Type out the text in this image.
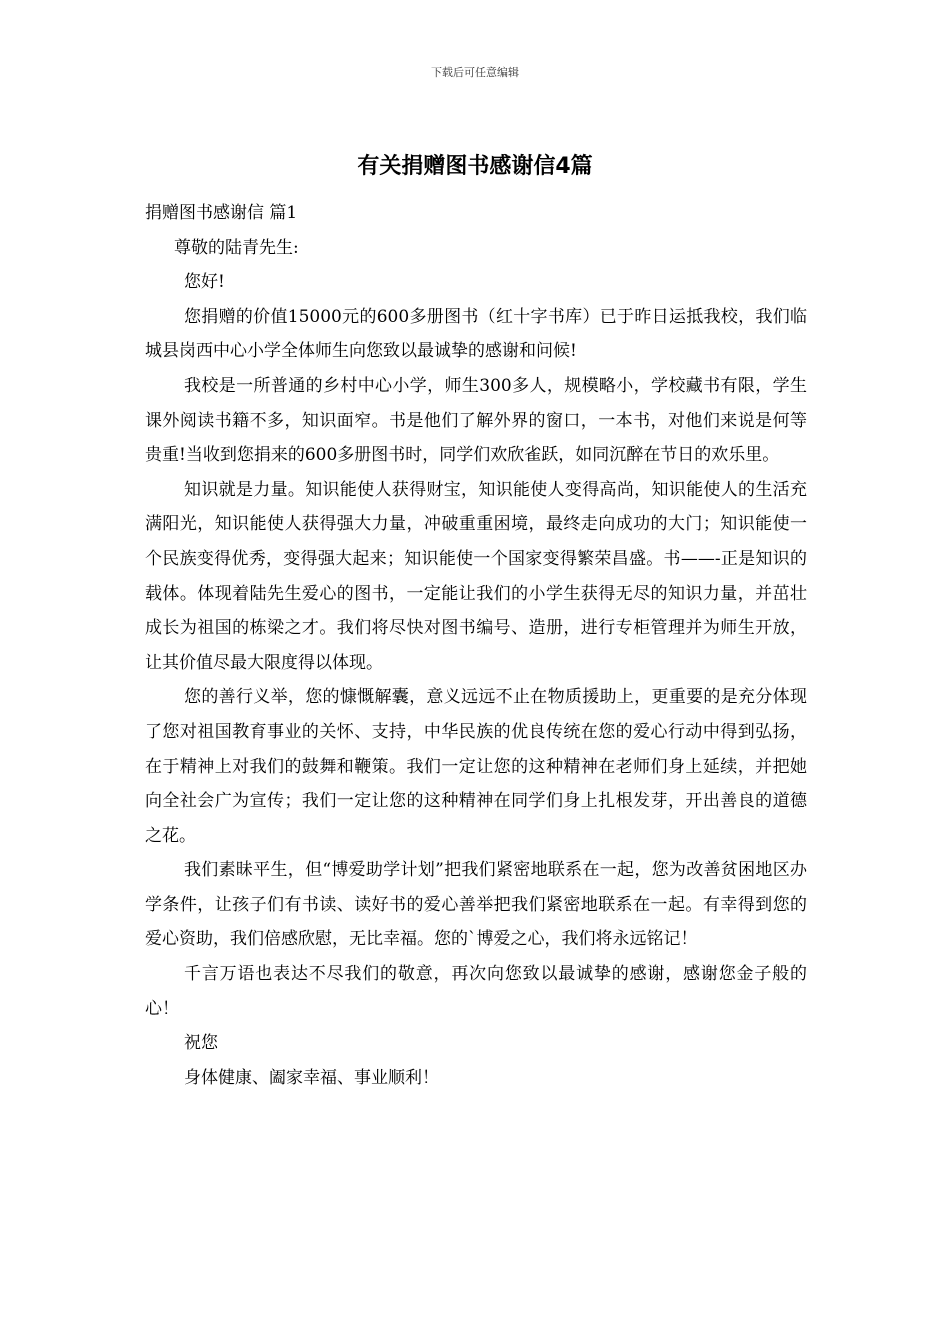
下载后可任意编辑
有关捐赠图书感谢信4篇

捐赠图书感谢信 篇1

尊敬的陆青先生:

您好!

您捐赠的价值15000元的600多册图书（红十字书库）已于昨日运抵我校，我们临城县岗西中心小学全体师生向您致以最诚挚的感谢和问候!

我校是一所普通的乡村中心小学，师生300多人，规模略小，学校藏书有限，学生课外阅读书籍不多，知识面窄。书是他们了解外界的窗口，一本书，对他们来说是何等贵重!当收到您捐来的600多册图书时，同学们欢欣雀跃，如同沉醉在节日的欢乐里。

知识就是力量。知识能使人获得财宝，知识能使人变得高尚，知识能使人的生活充满阳光，知识能使人获得强大力量，冲破重重困境，最终走向成功的大门；知识能使一个民族变得优秀，变得强大起来；知识能使一个国家变得繁荣昌盛。书——-正是知识的载体。体现着陆先生爱心的图书，一定能让我们的小学生获得无尽的知识力量，并茁壮成长为祖国的栋梁之才。我们将尽快对图书编号、造册，进行专柜管理并为师生开放，让其价值尽最大限度得以体现。

您的善行义举，您的慷慨解囊，意义远远不止在物质援助上，更重要的是充分体现了您对祖国教育事业的关怀、支持，中华民族的优良传统在您的爱心行动中得到弘扬，在于精神上对我们的鼓舞和鞭策。我们一定让您的这种精神在老师们身上延续，并把她向全社会广为宣传；我们一定让您的这种精神在同学们身上扎根发芽，开出善良的道德之花。

我们素昧平生，但“博爱助学计划”把我们紧密地联系在一起，您为改善贫困地区办学条件，让孩子们有书读、读好书的爱心善举把我们紧密地联系在一起。有幸得到您的爱心资助，我们倍感欣慰，无比幸福。您的`博爱之心，我们将永远铭记！

千言万语也表达不尽我们的敬意，再次向您致以最诚挚的感谢，感谢您金子般的心！

祝您

身体健康、阖家幸福、事业顺利！
